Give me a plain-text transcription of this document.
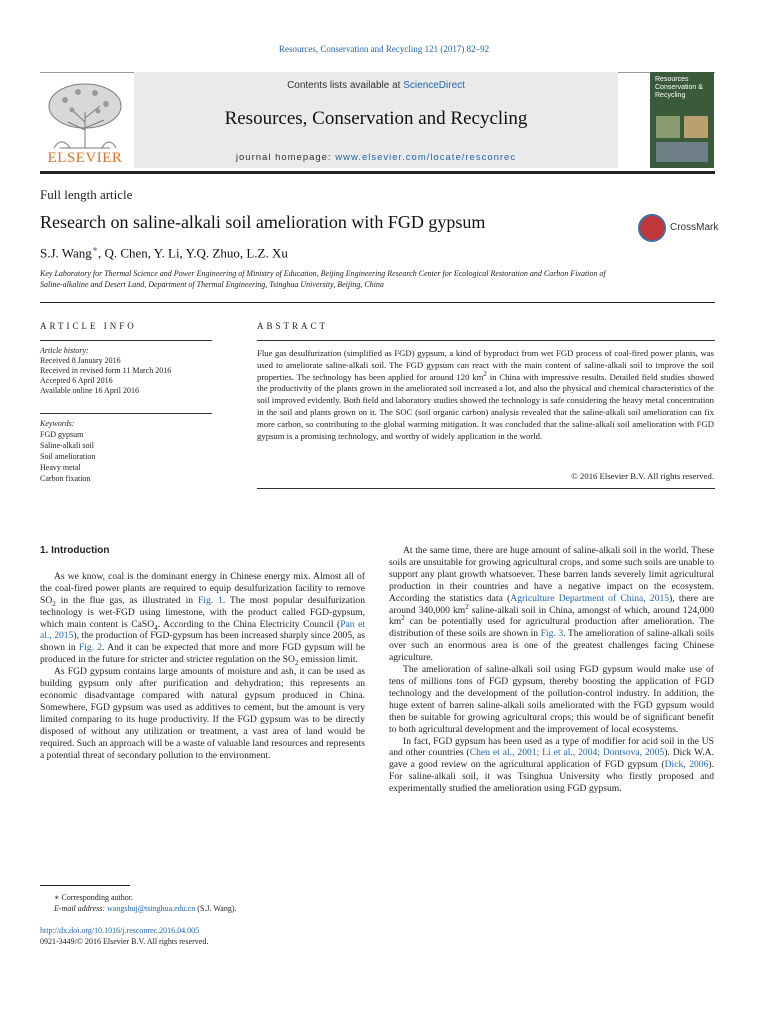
Resources, Conservation and Recycling 121 (2017) 82–92
ELSEVIER
Contents lists available at ScienceDirect
Resources, Conservation and Recycling
journal homepage: www.elsevier.com/locate/resconrec
Resources Conservation & Recycling
Full length article
Research on saline-alkali soil amelioration with FGD gypsum	CrossMark
S.J. Wang∗, Q. Chen, Y. Li, Y.Q. Zhuo, L.Z. Xu
Key Laboratory for Thermal Science and Power Engineering of Ministry of Education, Beijing Engineering Research Center for Ecological Restoration and Carbon Fixation of Saline-alkaline and Desert Land, Department of Thermal Engineering, Tsinghua University, Beijing, China
ARTICLE INFO
Article history:
Received 8 January 2016
Received in revised form 11 March 2016
Accepted 6 April 2016
Available online 16 April 2016
Keywords:
FGD gypsum
Saline-alkali soil
Soil amelioration
Heavy metal
Carbon fixation
ABSTRACT
Flue gas desulfurization (simplified as FGD) gypsum, a kind of byproduct from wet FGD process of coal-fired power plants, was used to ameliorate saline-alkali soil. The FGD gypsum can react with the main content of saline-alkali soil to improve the soil properties. The technology has been applied for around 120 $km^2$ in China with impressive results. Detailed field studies showed the productivity of the plants grown in the ameliorated soil increased a lot, and also the physical and chemical characteristics of the soil improved evidently. Both field and laboratory studies showed the technology is safe considering the heavy metal concentration in the soil and plants grown on it. The SOC (soil organic carbon) analysis revealed that the saline-alkali soil amelioration can fix more carbon, so contributing to the global warming mitigation. It was concluded that the saline-alkali soil amelioration with FGD gypsum is a promising technology, and worthy of widely application in the world.
© 2016 Elsevier B.V. All rights reserved.
1. Introduction

As we know, coal is the dominant energy in Chinese energy mix. Almost all of the coal-fired power plants are required to equip desulfurization facility to remove $SO_2$ in the flue gas, as illustrated in Fig. 1. The most popular desulfurization technology is wet-FGD using limestone, with the product called FGD-gypsum, which main content is CaSO$_4$. According to the China Electricity Council (Pan et al., 2015), the production of FGD-gypsum has been increased sharply since 2005, as shown in Fig. 2. And it can be expected that more and more FGD gypsum will be produced in the future for stricter and stricter regulation on the $SO_2$ emission limit.

As FGD gypsum contains large amounts of moisture and ash, it can be used as building gypsum only after purification and dehydration; this represents an economic disadvantage compared with natural gypsum produced in China. Somewhere, FGD gypsum was used as additives to cement, but the amount is very limited comparing to its huge productivity. If the FGD gypsum was to be directly disposed of without any utilization or treatment, a vast area of land would be required. Such an approach will be a waste of valuable land resources and represents a potential threat of secondary pollution to the environment.

At the same time, there are huge amount of saline-alkali soil in the world. These soils are unsuitable for growing agricultural crops, and some such soils are unable to support any plant growth whatsoever. These barren lands severely limit agricultural production in their countries and have a negative impact on the ecosystem. According the statistics data (Agriculture Department of China, 2015), there are around 340,000 $km^2$ saline-alkali soil in China, amongst of which, around 124,000 $km^2$ can be potentially used for agricultural production after amelioration. The distribution of these soils are shown in Fig. 3. The amelioration of saline-alkali soils over such an enormous area is one of the greatest challenges facing Chinese agriculture.

The amelioration of saline-alkali soil using FGD gypsum would make use of tens of millions tons of FGD gypsum, thereby boosting the application of FGD technology and the development of the pollution-control industry. In addition, the huge extent of barren saline-alkali soils ameliorated with the FGD gypsum would then be suitable for growing agricultural crops; this would be of significant benefit to both agricultural development and the improvement of local ecosystems.

In fact, FGD gypsum has been used as a type of modifier for acid soil in the US and other countries (Chen et al., 2001; Li et al., 2004; Dontsova, 2005). Dick W.A. gave a good review on the agricultural application of FGD gypsum (Dick, 2006). For saline-alkali soil, it was Tsinghua University who firstly proposed and experimentally studied the amelioration using FGD gypsum.

∗ Corresponding author.
E-mail address: wangshuj@tsinghua.edu.cn (S.J. Wang).
http://dx.doi.org/10.1016/j.resconrec.2016.04.005
0921-3449/© 2016 Elsevier B.V. All rights reserved.
